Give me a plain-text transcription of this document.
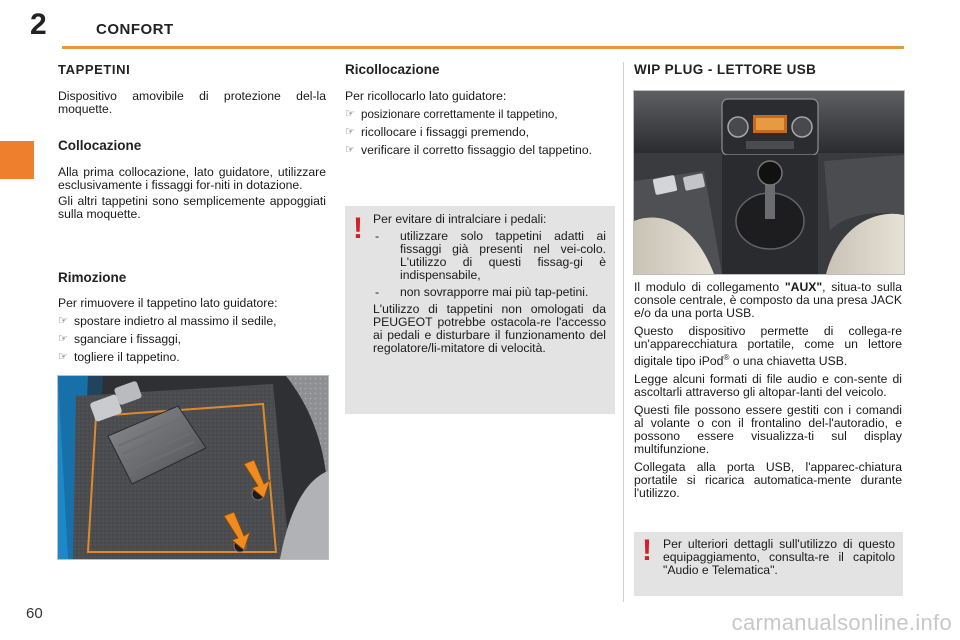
2	CONFORT
TAPPETINI

Dispositivo amovibile di protezione del-la moquette.

Collocazione

Alla prima collocazione, lato guidatore, utilizzare esclusivamente i fissaggi for-niti in dotazione.

Gli altri tappetini sono semplicemente appoggiati sulla moquette.

Rimozione

Per rimuovere il tappetino lato guidatore:

☞ spostare indietro al massimo il sedile,
☞ sganciare i fissaggi,
☞ togliere il tappetino.
Ricollocazione

Per ricollocarlo lato guidatore:

☞ posizionare correttamente il tappetino,
☞ ricollocare i fissaggi premendo,
☞ verificare il corretto fissaggio del tappetino.
! Per evitare di intralciare i pedali:

- utilizzare solo tappetini adatti ai fissaggi già presenti nel vei-colo. L'utilizzo di questi fissag-gi è indispensabile,
- non sovrapporre mai più tap-petini.

L'utilizzo di tappetini non omologati da PEUGEOT potrebbe ostacola-re l'accesso ai pedali e disturbare il funzionamento del regolatore/li-mitatore di velocità.

WIP PLUG - LETTORE USB

Il modulo di collegamento "AUX", situa-to sulla console centrale, è composto da una presa JACK e/o da una porta USB.

Questo dispositivo permette di collega-re un'apparecchiatura portatile, come un lettore digitale tipo iPod® o una chiavetta USB.

Legge alcuni formati di file audio e con-sente di ascoltarli attraverso gli altopar-lanti del veicolo.

Questi file possono essere gestiti con i comandi al volante o con il frontalino del-l'autoradio, e possono essere visualizza-ti sul display multifunzione.

Collegata alla porta USB, l'apparec-chiatura portatile si ricarica automatica-mente durante l'utilizzo.

! Per ulteriori dettagli sull'utilizzo di questo equipaggiamento, consulta-re il capitolo "Audio e Telematica".

60	carmanualsonline.info
